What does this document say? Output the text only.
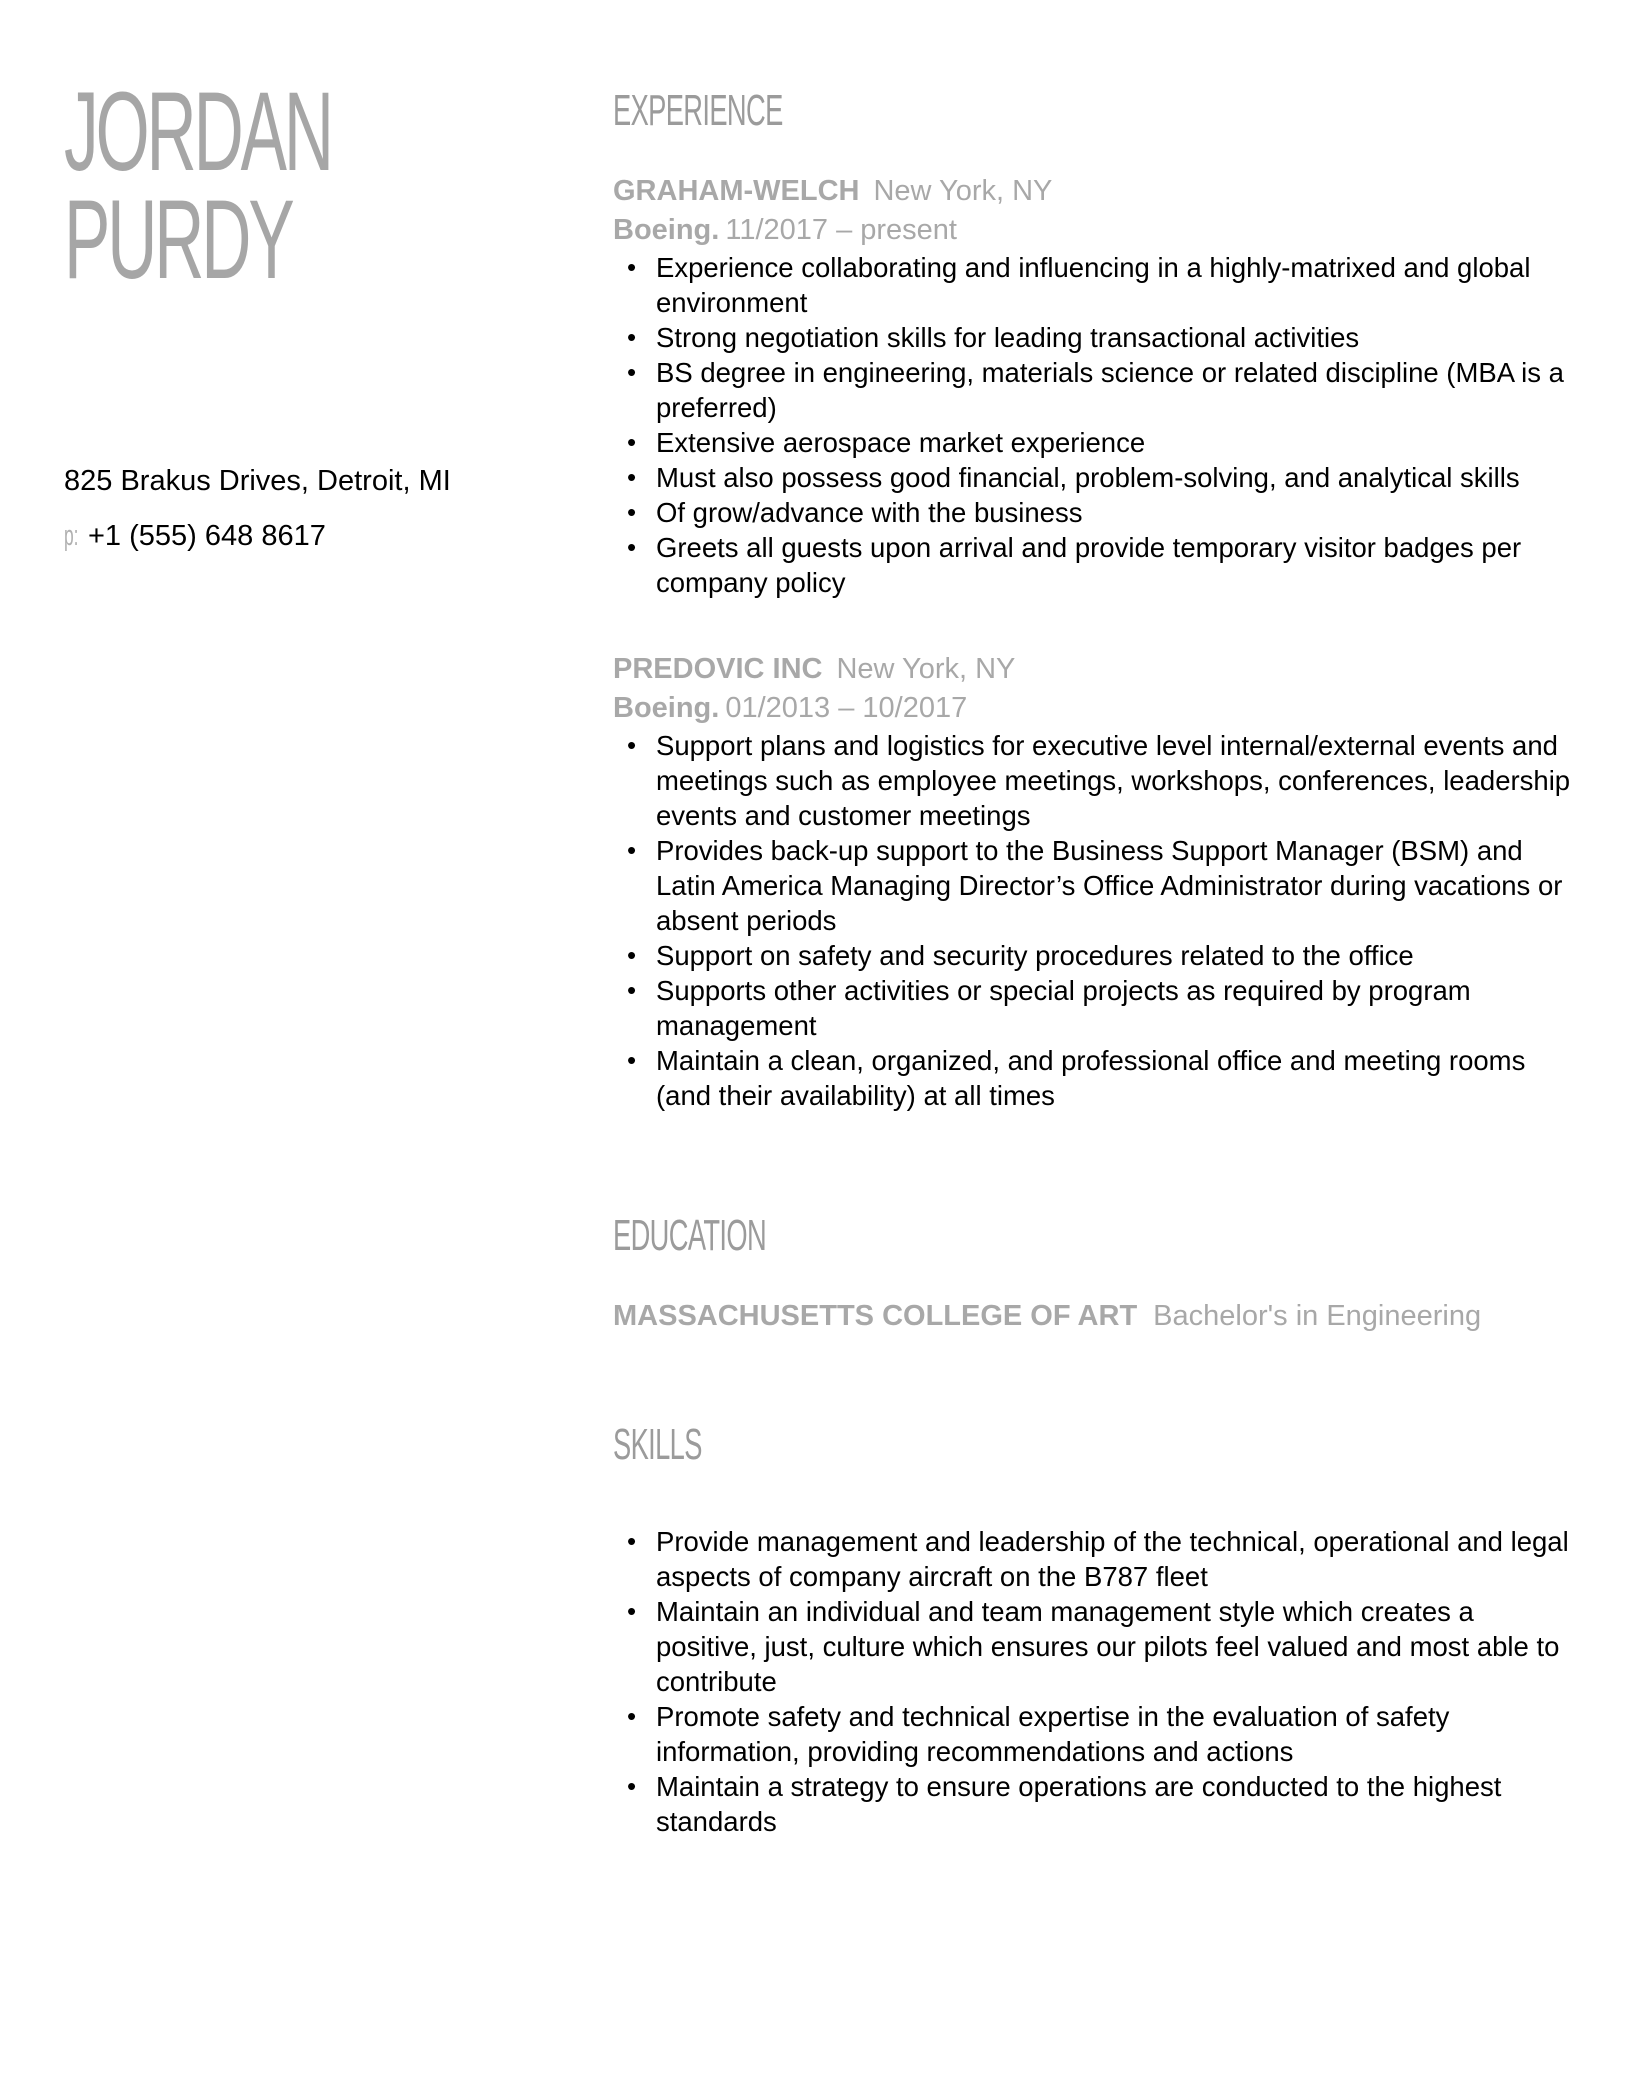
JORDAN
PURDY
825 Brakus Drives, Detroit, MI
p: +1 (555) 648 8617
EXPERIENCE
GRAHAM-WELCH New York, NY
Boeing. 11/2017 – present
• Experience collaborating and influencing in a highly-matrixed and global environment
• Strong negotiation skills for leading transactional activities
• BS degree in engineering, materials science or related discipline (MBA is a preferred)
• Extensive aerospace market experience
• Must also possess good financial, problem-solving, and analytical skills
• Of grow/advance with the business
• Greets all guests upon arrival and provide temporary visitor badges per company policy
PREDOVIC INC New York, NY
Boeing. 01/2013 – 10/2017
• Support plans and logistics for executive level internal/external events and meetings such as employee meetings, workshops, conferences, leadership events and customer meetings
• Provides back-up support to the Business Support Manager (BSM) and Latin America Managing Director’s Office Administrator during vacations or absent periods
• Support on safety and security procedures related to the office
• Supports other activities or special projects as required by program management
• Maintain a clean, organized, and professional office and meeting rooms (and their availability) at all times
EDUCATION
MASSACHUSETTS COLLEGE OF ART Bachelor's in Engineering
SKILLS
• Provide management and leadership of the technical, operational and legal aspects of company aircraft on the B787 fleet
• Maintain an individual and team management style which creates a positive, just, culture which ensures our pilots feel valued and most able to contribute
• Promote safety and technical expertise in the evaluation of safety information, providing recommendations and actions
• Maintain a strategy to ensure operations are conducted to the highest standards
